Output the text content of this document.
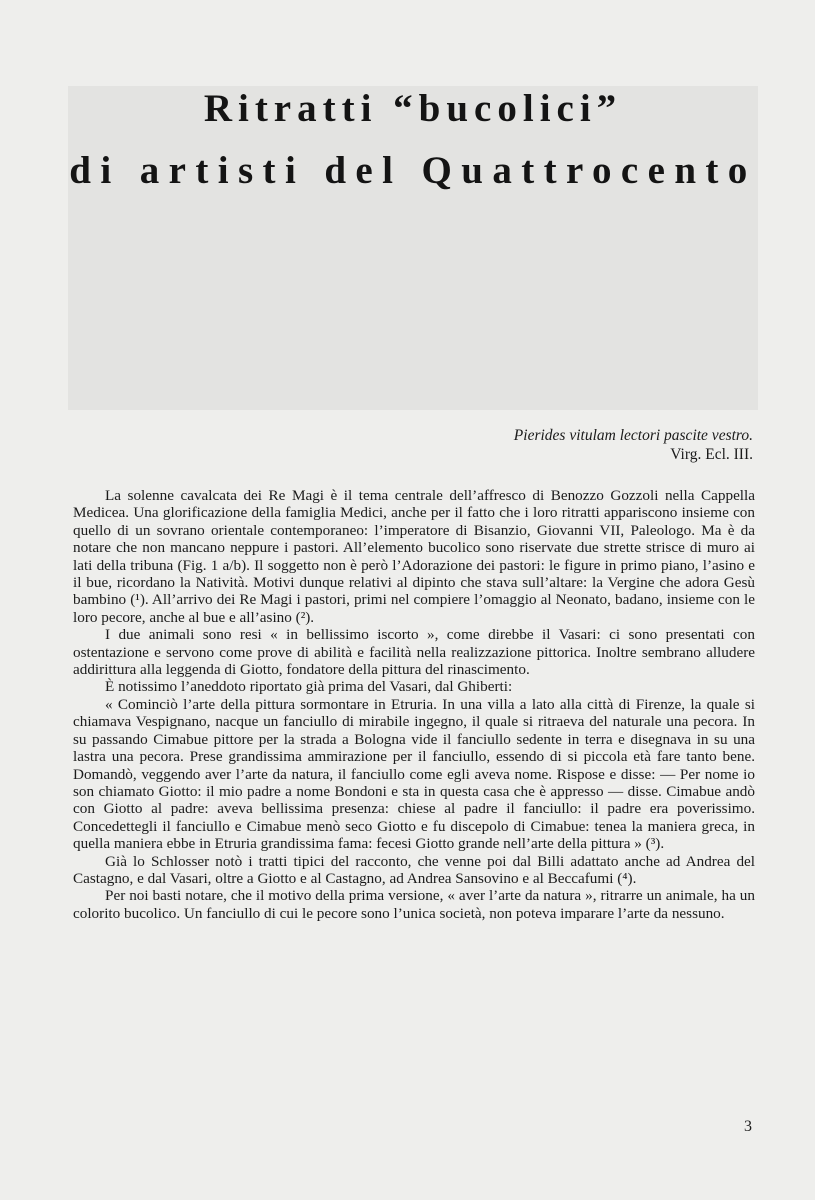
Ritratti “bucolici”
di artisti del Quattrocento
Pierides vitulam lectori pascite vestro.
Virg. Ecl. III.

La solenne cavalcata dei Re Magi è il tema centrale dell’affresco di Benozzo Gozzoli nella Cappella Medicea. Una glorificazione della famiglia Medici, anche per il fatto che i loro ritratti appariscono insieme con quello di un sovrano orientale contemporaneo: l’imperatore di Bisanzio, Giovanni VII, Paleologo. Ma è da notare che non mancano neppure i pastori. All’elemento bucolico sono riservate due strette strisce di muro ai lati della tribuna (Fig. 1 a/b). Il soggetto non è però l’Adorazione dei pastori: le figure in primo piano, l’asino e il bue, ricordano la Natività. Motivi dunque relativi al dipinto che stava sull’altare: la Vergine che adora Gesù bambino (¹). All’arrivo dei Re Magi i pastori, primi nel compiere l’omaggio al Neonato, badano, insieme con le loro pecore, anche al bue e all’asino (²).

I due animali sono resi « in bellissimo iscorto », come direbbe il Vasari: ci sono presentati con ostentazione e servono come prove di abilità e facilità nella realizzazione pittorica. Inoltre sembrano alludere addirittura alla leggenda di Giotto, fondatore della pittura del rinascimento.

È notissimo l’aneddoto riportato già prima del Vasari, dal Ghiberti:

« Cominciò l’arte della pittura sormontare in Etruria. In una villa a lato alla città di Firenze, la quale si chiamava Vespignano, nacque un fanciullo di mirabile ingegno, il quale si ritraeva del naturale una pecora. In su passando Cimabue pittore per la strada a Bologna vide il fanciullo sedente in terra e disegnava in su una lastra una pecora. Prese grandissima ammirazione per il fanciullo, essendo di si piccola età fare tanto bene. Domandò, veggendo aver l’arte da natura, il fanciullo come egli aveva nome. Rispose e disse: — Per nome io son chiamato Giotto: il mio padre a nome Bondoni e sta in questa casa che è appresso — disse. Cimabue andò con Giotto al padre: aveva bellissima presenza: chiese al padre il fanciullo: il padre era poverissimo. Concedettegli il fanciullo e Cimabue menò seco Giotto e fu discepolo di Cimabue: tenea la maniera greca, in quella maniera ebbe in Etruria grandissima fama: fecesi Giotto grande nell’arte della pittura » (³).

Già lo Schlosser notò i tratti tipici del racconto, che venne poi dal Billi adattato anche ad Andrea del Castagno, e dal Vasari, oltre a Giotto e al Castagno, ad Andrea Sansovino e al Beccafumi (⁴).

Per noi basti notare, che il motivo della prima versione, « aver l’arte da natura », ritrarre un animale, ha un colorito bucolico. Un fanciullo di cui le pecore sono l’unica società, non poteva imparare l’arte da nessuno.

3
